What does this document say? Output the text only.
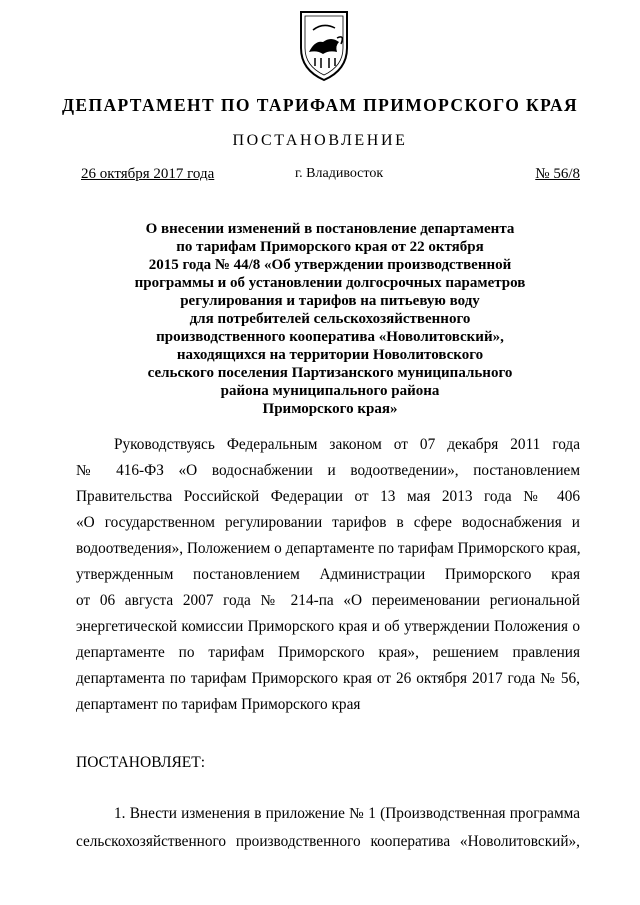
ДЕПАРТАМЕНТ ПО ТАРИФАМ ПРИМОРСКОГО КРАЯ
ПОСТАНОВЛЕНИЕ
26 октября 2017 года	г. Владивосток	№ 56/8
О внесении изменений в постановление департамента
по тарифам Приморского края от 22 октября
2015 года № 44/8 «Об утверждении производственной
программы и об установлении долгосрочных параметров
регулирования и тарифов на питьевую воду
для потребителей сельскохозяйственного
производственного кооператива «Новолитовский»,
находящихся на территории Новолитовского
сельского поселения Партизанского муниципального
района муниципального района
Приморского края»
Руководствуясь Федеральным законом от 07 декабря 2011 года
№ 416-ФЗ «О водоснабжении и водоотведении», постановлением
Правительства Российской Федерации от 13 мая 2013 года № 406
«О государственном регулировании тарифов в сфере водоснабжения и
водоотведения», Положением о департаменте по тарифам Приморского края,
утвержденным постановлением Администрации Приморского края
от 06 августа 2007 года № 214-па «О переименовании региональной
энергетической комиссии Приморского края и об утверждении Положения о
департаменте по тарифам Приморского края», решением правления
департамента по тарифам Приморского края от 26 октября 2017 года № 56,
департамент по тарифам Приморского края
ПОСТАНОВЛЯЕТ:
1. Внести изменения в приложение № 1 (Производственная программа
сельскохозяйственного производственного кооператива «Новолитовский»,
